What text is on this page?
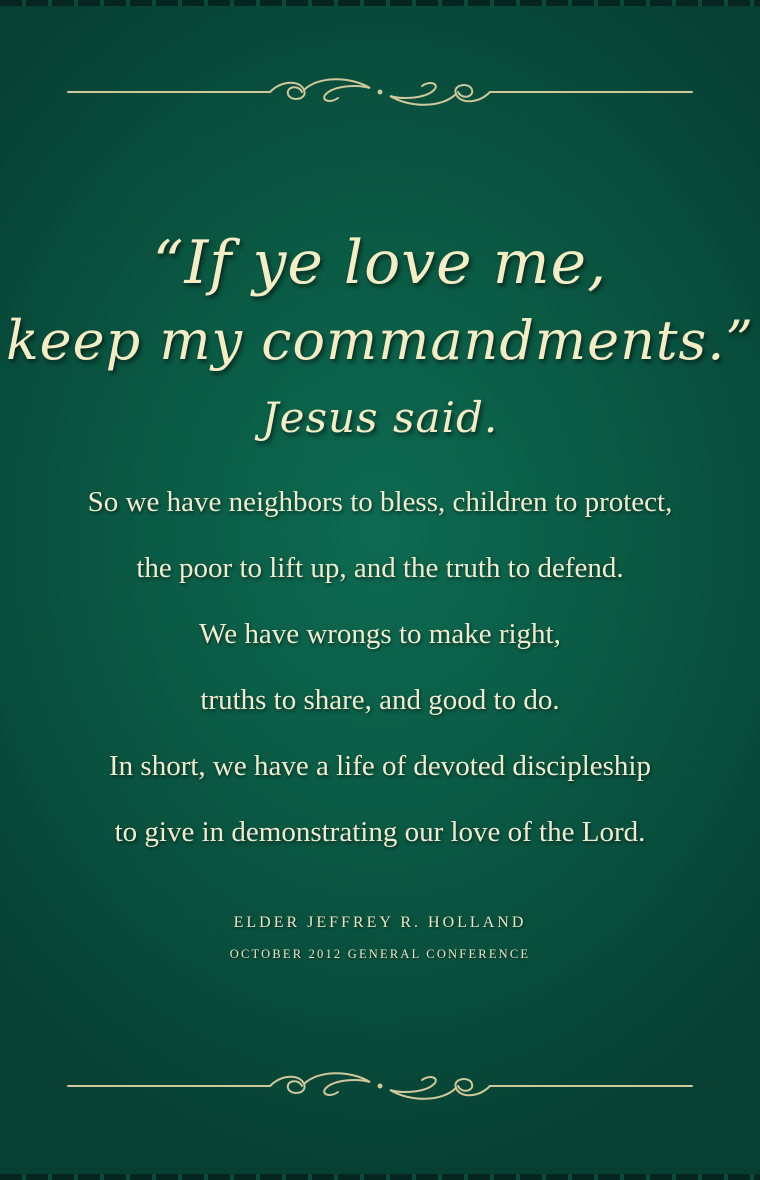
“If ye love me,
keep my commandments.”
Jesus said.
So we have neighbors to bless, children to protect,
the poor to lift up, and the truth to defend.
We have wrongs to make right,
truths to share, and good to do.
In short, we have a life of devoted discipleship
to give in demonstrating our love of the Lord.
ELDER JEFFREY R. HOLLAND
OCTOBER 2012 GENERAL CONFERENCE
